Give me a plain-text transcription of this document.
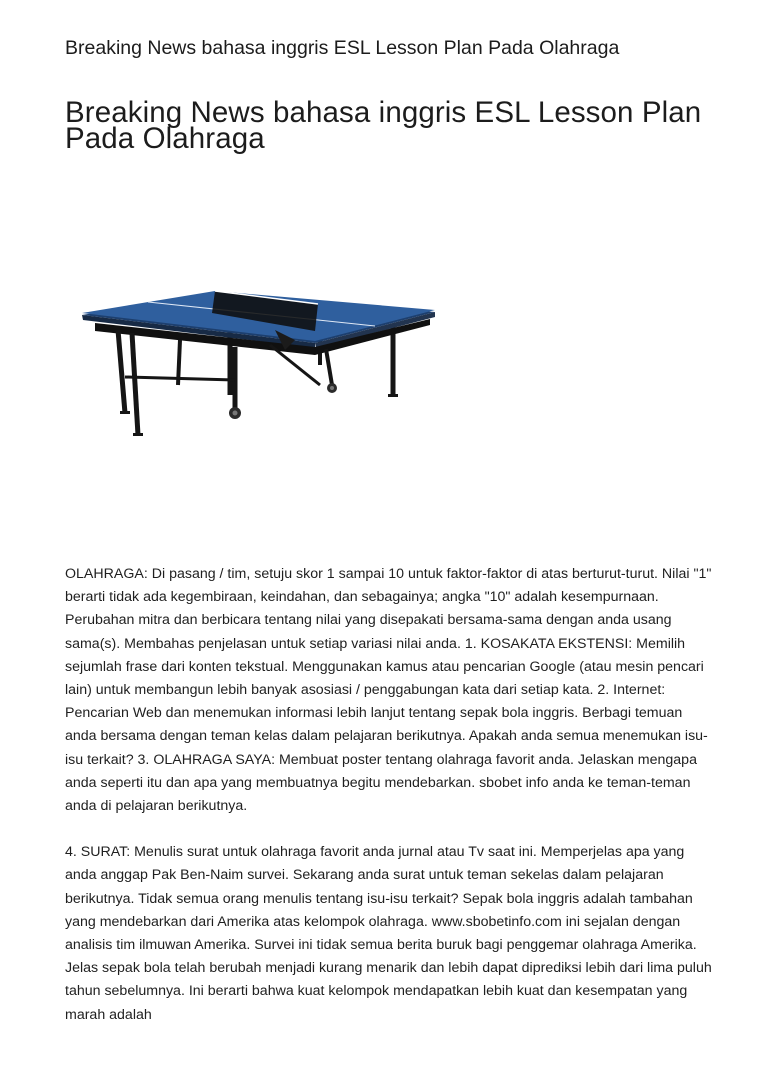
Breaking News bahasa inggris ESL Lesson Plan Pada Olahraga
Breaking News bahasa inggris ESL Lesson Plan Pada Olahraga

OLAHRAGA: Di pasang / tim, setuju skor 1 sampai 10 untuk faktor-faktor di atas berturut-turut. Nilai "1" berarti tidak ada kegembiraan, keindahan, dan sebagainya; angka "10" adalah kesempurnaan. Perubahan mitra dan berbicara tentang nilai yang disepakati bersama-sama dengan anda usang sama(s). Membahas penjelasan untuk setiap variasi nilai anda. 1. KOSAKATA EKSTENSI: Memilih sejumlah frase dari konten tekstual. Menggunakan kamus atau pencarian Google (atau mesin pencari lain) untuk membangun lebih banyak asosiasi / penggabungan kata dari setiap kata. 2. Internet: Pencarian Web dan menemukan informasi lebih lanjut tentang sepak bola inggris. Berbagi temuan anda bersama dengan teman kelas dalam pelajaran berikutnya. Apakah anda semua menemukan isu-isu terkait? 3. OLAHRAGA SAYA: Membuat poster tentang olahraga favorit anda. Jelaskan mengapa anda seperti itu dan apa yang membuatnya begitu mendebarkan. sbobet info anda ke teman-teman anda di pelajaran berikutnya.

4. SURAT: Menulis surat untuk olahraga favorit anda jurnal atau Tv saat ini. Memperjelas apa yang anda anggap Pak Ben-Naim survei. Sekarang anda surat untuk teman sekelas dalam pelajaran berikutnya. Tidak semua orang menulis tentang isu-isu terkait? Sepak bola inggris adalah tambahan yang mendebarkan dari Amerika atas kelompok olahraga. www.sbobetinfo.com ini sejalan dengan analisis tim ilmuwan Amerika. Survei ini tidak semua berita buruk bagi penggemar olahraga Amerika. Jelas sepak bola telah berubah menjadi kurang menarik dan lebih dapat diprediksi lebih dari lima puluh tahun sebelumnya. Ini berarti bahwa kuat kelompok mendapatkan lebih kuat dan kesempatan yang marah adalah
